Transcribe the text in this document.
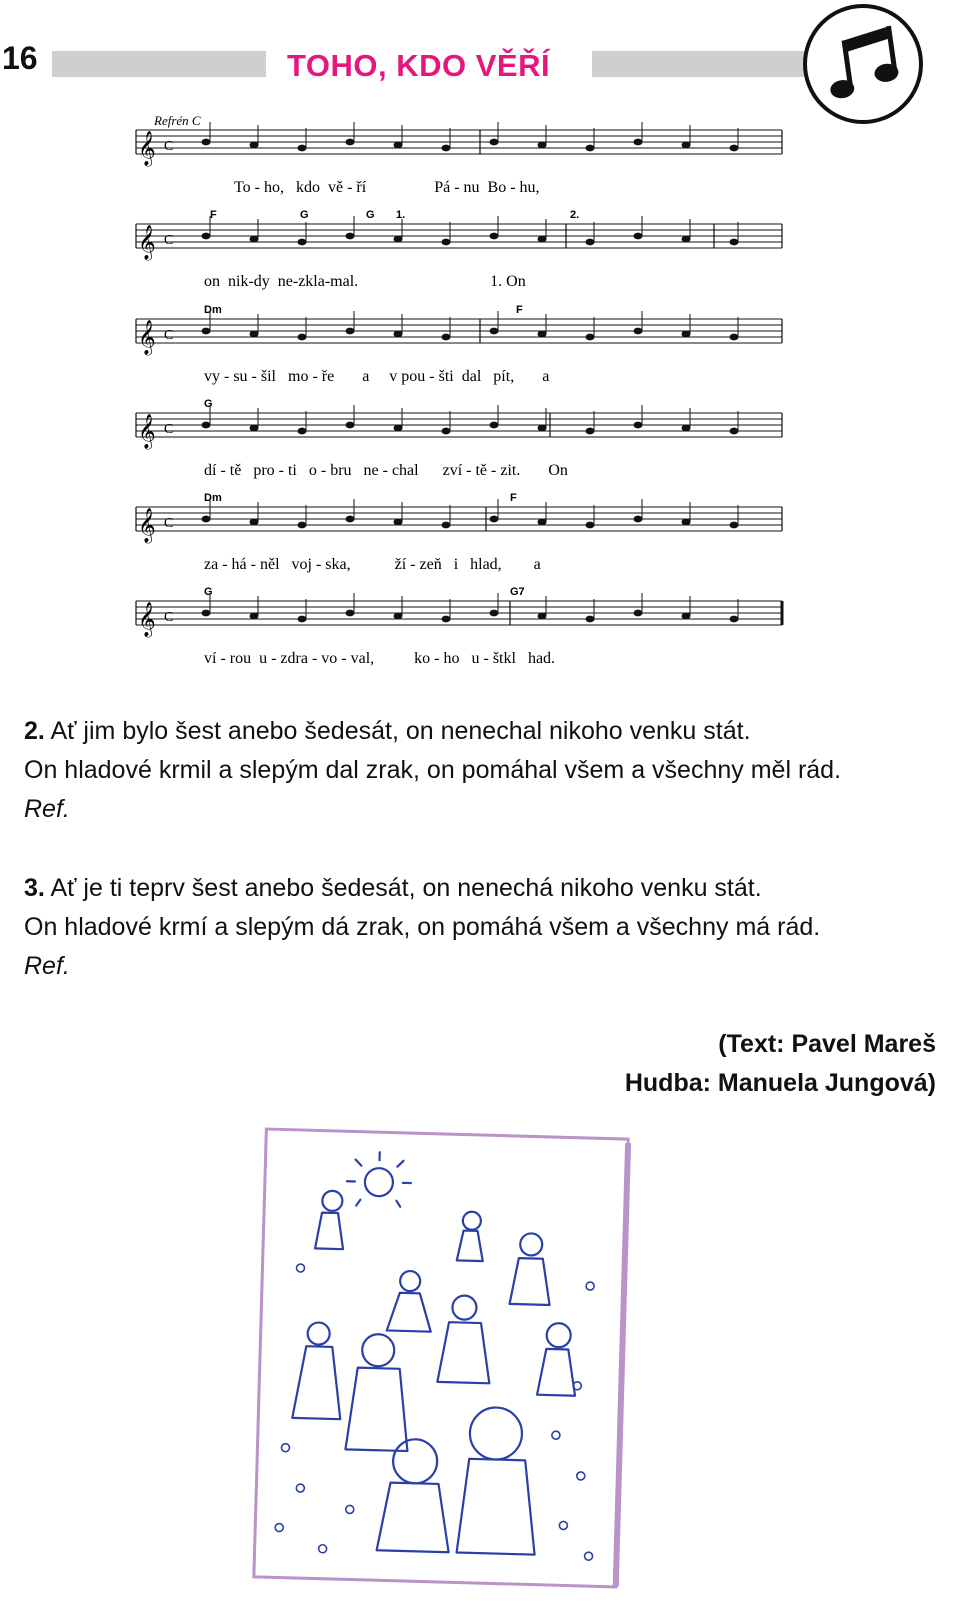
16	TOHO, KDO VĚŘÍ
Refrén C
𝄞 C
𝄞 C
F	G	G 1.	2.
𝄞 C
Dm	F
𝄞 C
G
𝄞 C
Dm	F
𝄞 C
G	G7
To - ho,   kdo  vě - ří                 Pá - nu  Bo - hu,
on  nik-dy  ne-zkla-mal.                                 1. On
vy - su - šil   mo - ře       a     v pou - šti  dal   pít,       a
dí - tě   pro - ti   o - bru   ne - chal      zví - tě - zit.       On
za - há - něl   voj - ska,           ží - zeň   i   hlad,        a
ví - rou  u - zdra - vo - val,          ko - ho   u - štkl   had.

2. Ať jim bylo šest anebo šedesát, on nenechal nikoho venku stát.

On hladové krmil a slepým dal zrak, on pomáhal všem a všechny měl rád.

Ref.

3. Ať je ti teprv šest anebo šedesát, on nenechá nikoho venku stát.

On hladové krmí a slepým dá zrak, on pomáhá všem a všechny má rád.

Ref.

(Text: Pavel Mareš
Hudba: Manuela Jungová)
